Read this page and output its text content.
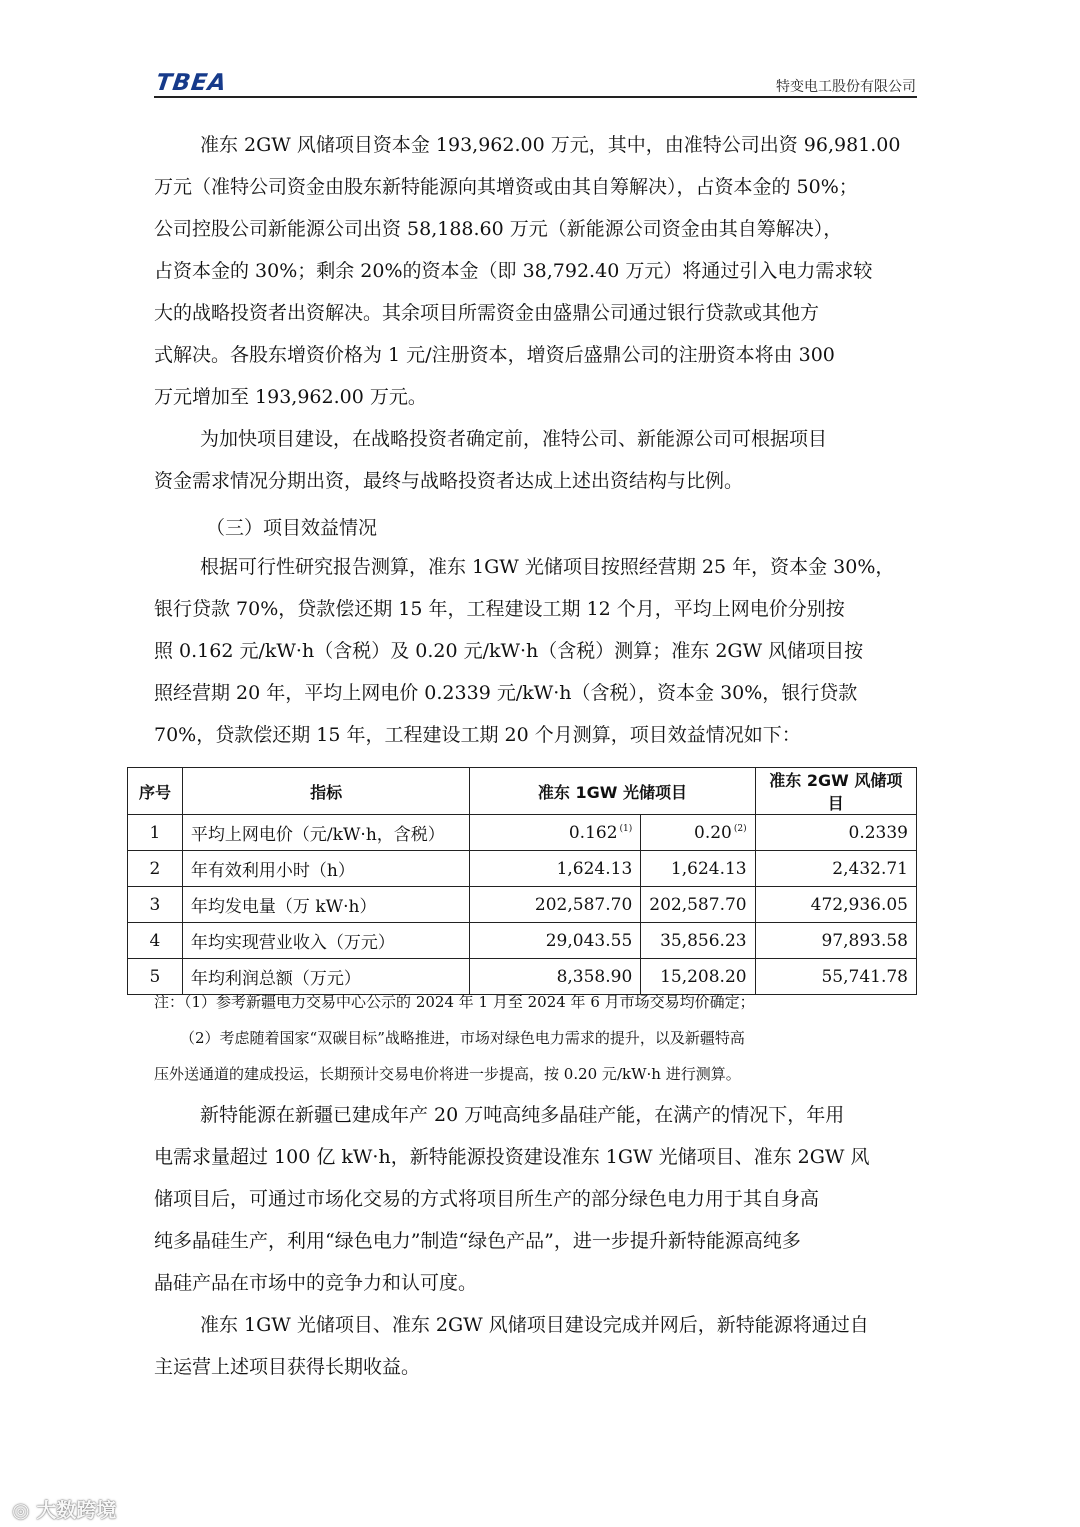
TBEA	特变电工股份有限公司

准东 2GW 风储项目资本金 193,962.00 万元，其中，由准特公司出资 96,981.00
万元（准特公司资金由股东新特能源向其增资或由其自筹解决），占资本金的 50%；
公司控股公司新能源公司出资 58,188.60 万元（新能源公司资金由其自筹解决），
占资本金的 30%；剩余 20%的资本金（即 38,792.40 万元）将通过引入电力需求较
大的战略投资者出资解决。其余项目所需资金由盛鼎公司通过银行贷款或其他方
式解决。各股东增资价格为 1 元/注册资本，增资后盛鼎公司的注册资本将由 300
万元增加至 193,962.00 万元。

为加快项目建设，在战略投资者确定前，准特公司、新能源公司可根据项目
资金需求情况分期出资，最终与战略投资者达成上述出资结构与比例。

（三）项目效益情况

根据可行性研究报告测算，准东 1GW 光储项目按照经营期 25 年，资本金 30%，
银行贷款 70%，贷款偿还期 15 年，工程建设工期 12 个月，平均上网电价分别按
照 0.162 元/kW·h（含税）及 0.20 元/kW·h（含税）测算；准东 2GW 风储项目按
照经营期 20 年，平均上网电价 0.2339 元/kW·h（含税），资本金 30%，银行贷款
70%，贷款偿还期 15 年，工程建设工期 20 个月测算，项目效益情况如下：

序号	指标	准东 1GW 光储项目		准东 2GW 风储项目
1	平均上网电价（元/kW·h，含税）	0.162 $^{(1)}$	0.20 $^{(2)}$	0.2339
2	年有效利用小时（h）	1,624.13	1,624.13	2,432.71
3	年均发电量（万 kW·h）	202,587.70	202,587.70	472,936.05
4	年均实现营业收入（万元）	29,043.55	35,856.23	97,893.58
5	年均利润总额（万元）	8,358.90	15,208.20	55,741.78
注：（1）参考新疆电力交易中心公示的 2024 年 1 月至 2024 年 6 月市场交易均价确定；
（2）考虑随着国家“双碳目标”战略推进，市场对绿色电力需求的提升，以及新疆特高
压外送通道的建成投运，长期预计交易电价将进一步提高，按 0.20 元/kW·h 进行测算。

新特能源在新疆已建成年产 20 万吨高纯多晶硅产能，在满产的情况下，年用
电需求量超过 100 亿 kW·h，新特能源投资建设准东 1GW 光储项目、准东 2GW 风
储项目后，可通过市场化交易的方式将项目所生产的部分绿色电力用于其自身高
纯多晶硅生产，利用“绿色电力”制造“绿色产品”，进一步提升新特能源高纯多
晶硅产品在市场中的竞争力和认可度。

准东 1GW 光储项目、准东 2GW 风储项目建设完成并网后，新特能源将通过自
主运营上述项目获得长期收益。

◎ 大数跨境
